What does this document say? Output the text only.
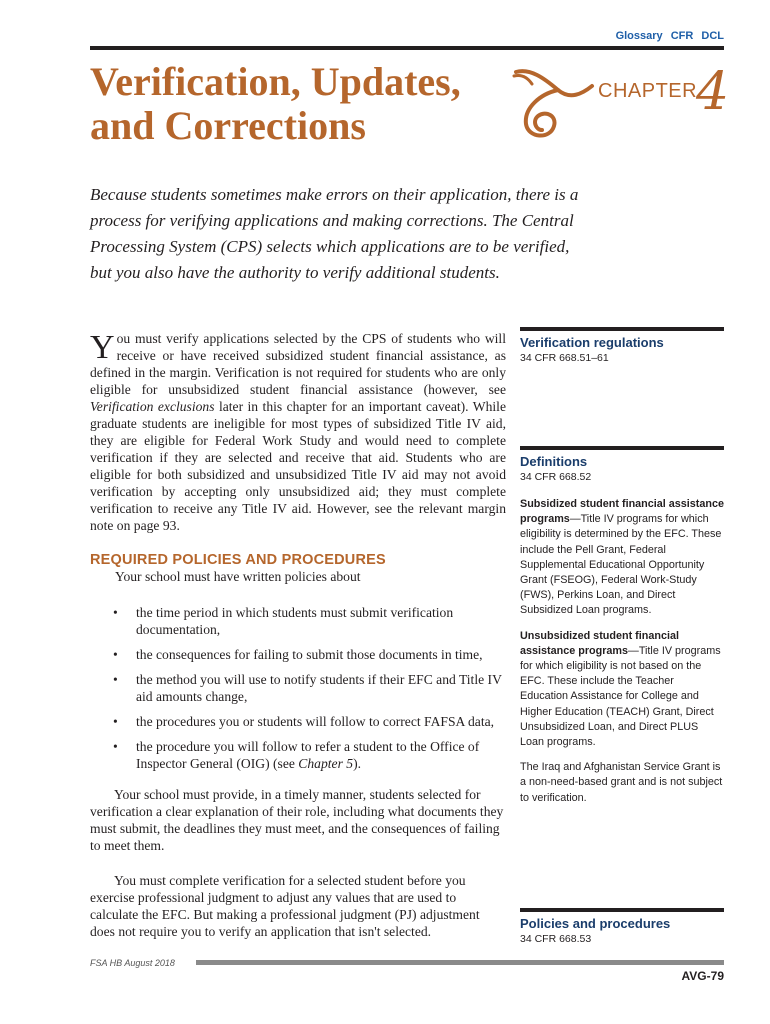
Glossary CFR DCL
Verification, Updates,
and Corrections
CHAPTER
4
Because students sometimes make errors on their application, there is a process for verifying applications and making corrections. The Central Processing System (CPS) selects which applications are to be verified, but you also have the authority to verify additional students.

You must verify applications selected by the CPS of students who will receive or have received subsidized student financial assistance, as defined in the margin. Verification is not required for students who are only eligible for unsubsidized student financial assistance (however, see Verification exclusions later in this chapter for an important caveat). While graduate students are ineligible for most types of subsidized Title IV aid, they are eligible for Federal Work Study and would need to complete verification if they are selected and receive that aid. Students who are eligible for both subsidized and unsubsidized Title IV aid may not avoid verification by accepting only unsubsidized aid; they must complete verification to receive any Title IV aid. However, see the relevant margin note on page 93.

REQUIRED POLICIES AND PROCEDURES
Your school must have written policies about
• the time period in which students must submit verification documentation,
• the consequences for failing to submit those documents in time,
• the method you will use to notify students if their EFC and Title IV aid amounts change,
• the procedures you or students will follow to correct FAFSA data,
• the procedure you will follow to refer a student to the Office of Inspector General (OIG) (see Chapter 5).

Your school must provide, in a timely manner, students selected for verification a clear explanation of their role, including what documents they must submit, the deadlines they must meet, and the consequences of failing to meet them.

You must complete verification for a selected student before you exercise professional judgment to adjust any values that are used to calculate the EFC. But making a professional judgment (PJ) adjustment does not require you to verify an application that isn't selected.

Verification regulations
34 CFR 668.51–61
Definitions
34 CFR 668.52

Subsidized student financial assistance programs—Title IV programs for which eligibility is determined by the EFC. These include the Pell Grant, Federal Supplemental Educational Opportunity Grant (FSEOG), Federal Work-Study (FWS), Perkins Loan, and Direct Subsidized Loan programs.

Unsubsidized student financial assistance programs—Title IV programs for which eligibility is not based on the EFC. These include the Teacher Education Assistance for College and Higher Education (TEACH) Grant, Direct Unsubsidized Loan, and Direct PLUS Loan programs.

The Iraq and Afghanistan Service Grant is a non-need-based grant and is not subject to verification.

Policies and procedures
34 CFR 668.53
FSA HB August 2018
AVG-79
